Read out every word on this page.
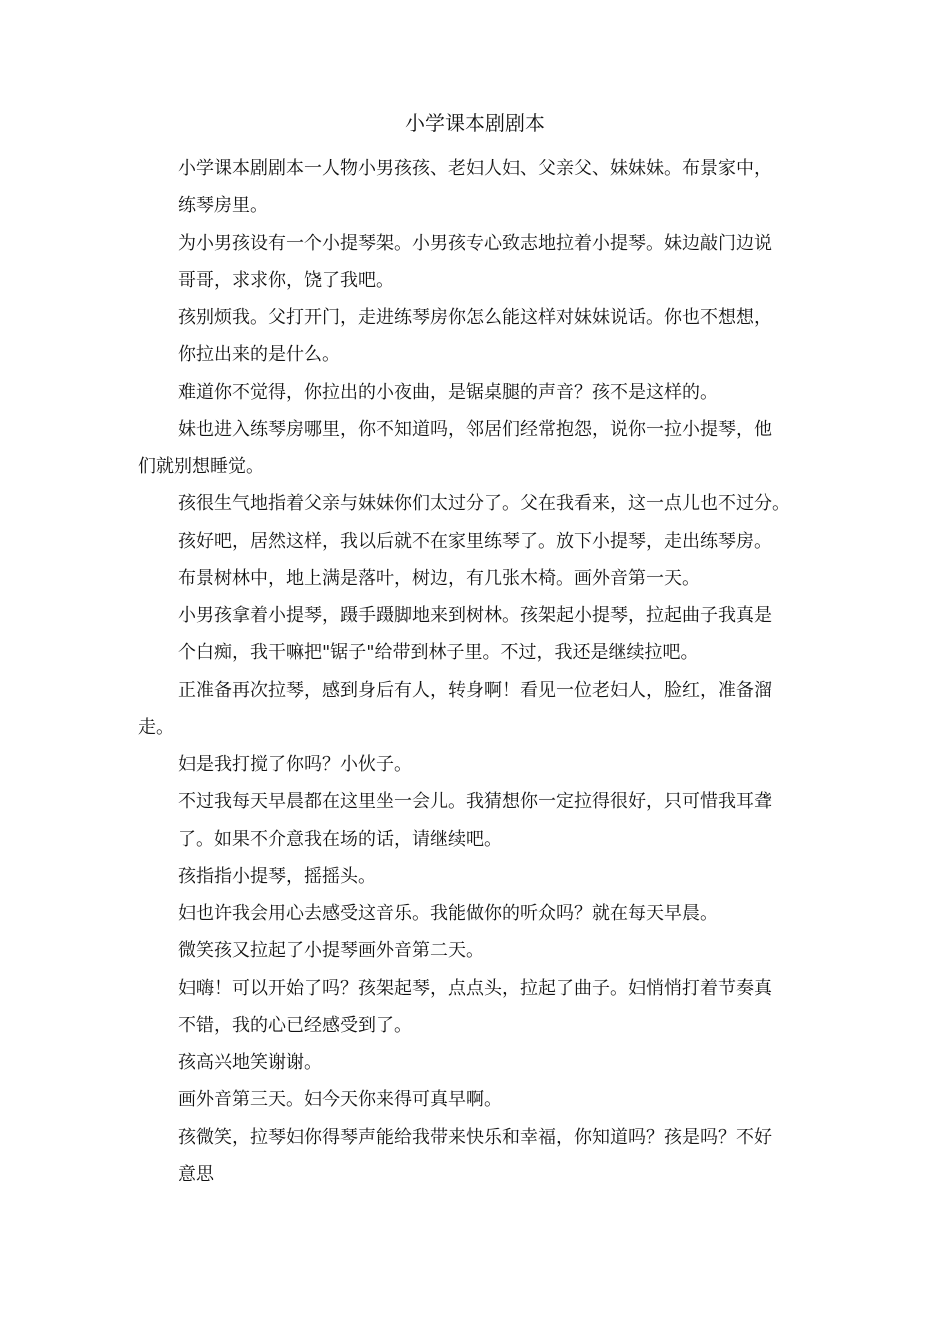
小学课本剧剧本
小学课本剧剧本一人物小男孩孩、老妇人妇、父亲父、妹妹妹。布景家中，
练琴房里。
为小男孩设有一个小提琴架。小男孩专心致志地拉着小提琴。妹边敲门边说
哥哥，求求你，饶了我吧。
孩别烦我。父打开门，走进练琴房你怎么能这样对妹妹说话。你也不想想，
你拉出来的是什么。
难道你不觉得，你拉出的小夜曲，是锯桌腿的声音？孩不是这样的。
妹也进入练琴房哪里，你不知道吗，邻居们经常抱怨，说你一拉小提琴，他
们就别想睡觉。
孩很生气地指着父亲与妹妹你们太过分了。父在我看来，这一点儿也不过分。
孩好吧，居然这样，我以后就不在家里练琴了。放下小提琴，走出练琴房。
布景树林中，地上满是落叶，树边，有几张木椅。画外音第一天。
小男孩拿着小提琴，蹑手蹑脚地来到树林。孩架起小提琴，拉起曲子我真是
个白痴，我干嘛把"锯子"给带到林子里。不过，我还是继续拉吧。
正准备再次拉琴，感到身后有人，转身啊！看见一位老妇人，脸红，准备溜
走。
妇是我打搅了你吗？小伙子。
不过我每天早晨都在这里坐一会儿。我猜想你一定拉得很好，只可惜我耳聋
了。如果不介意我在场的话，请继续吧。
孩指指小提琴，摇摇头。
妇也许我会用心去感受这音乐。我能做你的听众吗？就在每天早晨。
微笑孩又拉起了小提琴画外音第二天。
妇嗨！可以开始了吗？孩架起琴，点点头，拉起了曲子。妇悄悄打着节奏真
不错，我的心已经感受到了。
孩高兴地笑谢谢。
画外音第三天。妇今天你来得可真早啊。
孩微笑，拉琴妇你得琴声能给我带来快乐和幸福，你知道吗？孩是吗？不好
意思
